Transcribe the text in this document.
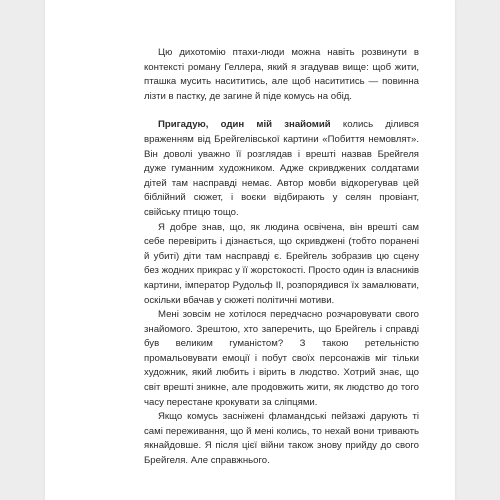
Цю дихотомію птахи-люди можна навіть розвинути в контексті роману Геллера, який я згадував вище: щоб жити, пташка мусить насититись, але щоб насититись — повинна лізти в пастку, де загине й піде комусь на обід.

Пригадую, один мій знайомий колись ділився враженням від Брейгелівської картини «Побиття немовлят». Він доволі уважно її розглядав і врешті назвав Брейгеля дуже гуманним художником. Адже скривджених солдатами дітей там насправді немає. Автор мовби відкорегував цей біблійний сюжет, і воєки відбирають у селян провіант, свійську птицю тощо.

Я добре знав, що, як людина освічена, він врешті сам себе перевірить і дізнається, що скривджені (тобто поранені й убиті) діти там насправді є. Брейгель зобразив цю сцену без жодних прикрас у її жорстокості. Просто один із власників картини, імператор Рудольф II, розпорядився їх замалювати, оскільки вбачав у сюжеті політичні мотиви.

Мені зовсім не хотілося передчасно розчаровувати свого знайомого. Зрештою, хто заперечить, що Брейгель і справді був великим гуманістом? З такою ретельністю промальовувати емоції і побут своїх персонажів міг тільки художник, який любить і вірить в людство. Хотрий знає, що світ врешті зникне, але продовжить жити, як людство до того часу перестане крокувати за сліпцями.

Якщо комусь засніжені фламандські пейзажі дарують ті самі переживання, що й мені колись, то нехай вони тривають якнайдовше. Я після цієї війни також знову прийду до свого Брейгеля. Але справжнього.
